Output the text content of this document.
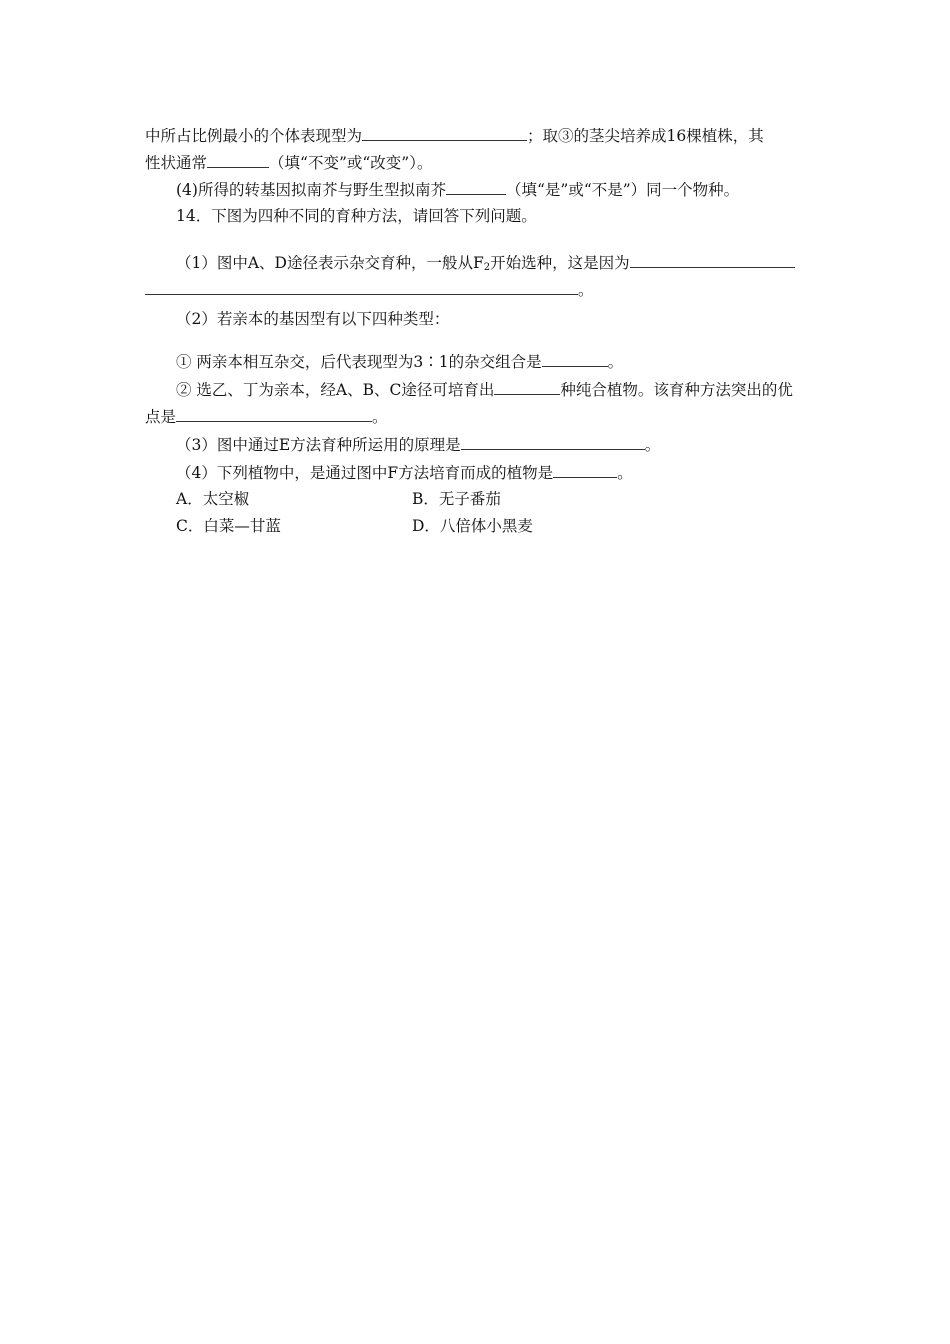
中所占比例最小的个体表现型为	；取③的茎尖培养成16棵植株，其
性状通常	（填“不变”或“改变”）。
(4)所得的转基因拟南芥与野生型拟南芥	（填“是”或“不是”）同一个物种。
14．下图为四种不同的育种方法，请回答下列问题。
（1）图中A、D途径表示杂交育种，一般从$F_2$开始选种，这是因为
。
（2）若亲本的基因型有以下四种类型：
① 两亲本相互杂交，后代表现型为3∶1的杂交组合是	。
② 选乙、丁为亲本，经A、B、C途径可培育出	种纯合植物。该育种方法突出的优
点是	。
（3）图中通过E方法育种所运用的原理是	。
（4）下列植物中，是通过图中F方法培育而成的植物是	。
A．太空椒	B．无子番茄
C．白菜—甘蓝	D．八倍体小黑麦
